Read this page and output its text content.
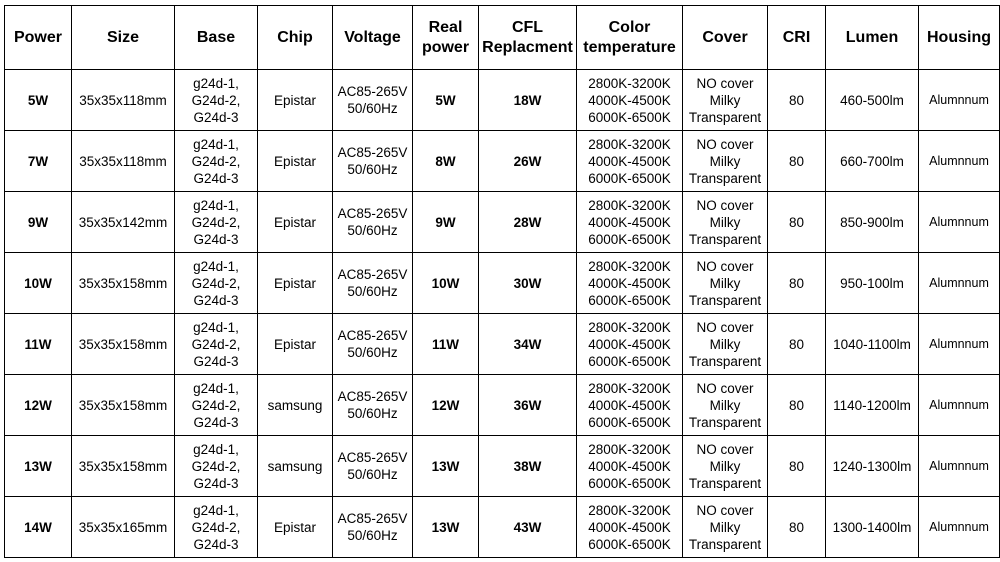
Power	Size	Base	Chip	Voltage	Real
power	CFL
Replacment	Color
temperature	Cover	CRI	Lumen	Housing

5W	35x35x118mm	g24d-1,
G24d-2,
G24d-3	Epistar	AC85-265V
50/60Hz	5W	18W	2800K-3200K
4000K-4500K
6000K-6500K	NO cover
Milky
Transparent	80	460-500lm	Alumnnum
7W	35x35x118mm	g24d-1,
G24d-2,
G24d-3	Epistar	AC85-265V
50/60Hz	8W	26W	2800K-3200K
4000K-4500K
6000K-6500K	NO cover
Milky
Transparent	80	660-700lm	Alumnnum
9W	35x35x142mm	g24d-1,
G24d-2,
G24d-3	Epistar	AC85-265V
50/60Hz	9W	28W	2800K-3200K
4000K-4500K
6000K-6500K	NO cover
Milky
Transparent	80	850-900lm	Alumnnum
10W	35x35x158mm	g24d-1,
G24d-2,
G24d-3	Epistar	AC85-265V
50/60Hz	10W	30W	2800K-3200K
4000K-4500K
6000K-6500K	NO cover
Milky
Transparent	80	950-100lm	Alumnnum
11W	35x35x158mm	g24d-1,
G24d-2,
G24d-3	Epistar	AC85-265V
50/60Hz	11W	34W	2800K-3200K
4000K-4500K
6000K-6500K	NO cover
Milky
Transparent	80	1040-1100lm	Alumnnum
12W	35x35x158mm	g24d-1,
G24d-2,
G24d-3	samsung	AC85-265V
50/60Hz	12W	36W	2800K-3200K
4000K-4500K
6000K-6500K	NO cover
Milky
Transparent	80	1140-1200lm	Alumnnum
13W	35x35x158mm	g24d-1,
G24d-2,
G24d-3	samsung	AC85-265V
50/60Hz	13W	38W	2800K-3200K
4000K-4500K
6000K-6500K	NO cover
Milky
Transparent	80	1240-1300lm	Alumnnum
14W	35x35x165mm	g24d-1,
G24d-2,
G24d-3	Epistar	AC85-265V
50/60Hz	13W	43W	2800K-3200K
4000K-4500K
6000K-6500K	NO cover
Milky
Transparent	80	1300-1400lm	Alumnnum
